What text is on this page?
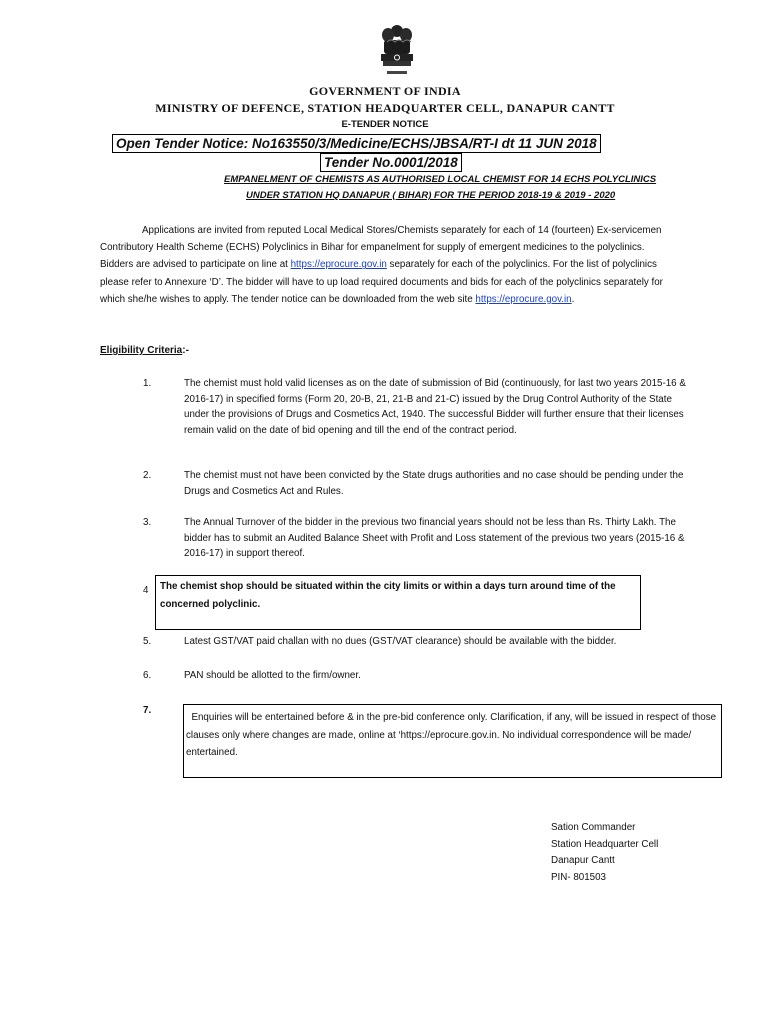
GOVERNMENT OF INDIA
MINISTRY OF DEFENCE, STATION HEADQUARTER CELL, DANAPUR CANTT
E-TENDER NOTICE
Open Tender Notice: No163550/3/Medicine/ECHS/JBSA/RT-I dt 11 JUN 2018
Tender No.0001/2018
EMPANELMENT OF CHEMISTS AS AUTHORISED LOCAL CHEMIST FOR 14 ECHS POLYCLINICS
UNDER STATION HQ DANAPUR ( BIHAR) FOR THE PERIOD 2018-19 & 2019 - 2020

Applications are invited from reputed Local Medical Stores/Chemists separately for each of 14 (fourteen) Ex-servicemen Contributory Health Scheme (ECHS) Polyclinics in Bihar for empanelment for supply of emergent medicines to the polyclinics. Bidders are advised to participate on line at https://eprocure.gov.in separately for each of the polyclinics. For the list of polyclinics please refer to Annexure ‘D’. The bidder will have to up load required documents and bids for each of the polyclinics separately for which she/he wishes to apply. The tender notice can be downloaded from the web site https://eprocure.gov.in.

Eligibility Criteria:-
1.	The chemist must hold valid licenses as on the date of submission of Bid (continuously, for last two years 2015-16 & 2016-17) in specified forms (Form 20, 20-B, 21, 21-B and 21-C) issued by the Drug Control Authority of the State under the provisions of Drugs and Cosmetics Act, 1940. The successful Bidder will further ensure that their licenses remain valid on the date of bid opening and till the end of the contract period.

2.	The chemist must not have been convicted by the State drugs authorities and no case should be pending under the Drugs and Cosmetics Act and Rules.

3.	The Annual Turnover of the bidder in the previous two financial years should not be less than Rs. Thirty Lakh. The bidder has to submit an Audited Balance Sheet with Profit and Loss statement of the previous two years (2015-16 & 2016-17) in support thereof.

4	The chemist shop should be situated within the city limits or within a days turn around time of the concerned polyclinic.

5.	Latest GST/VAT paid challan with no dues (GST/VAT clearance) should be available with the bidder.

6.	PAN should be allotted to the firm/owner.

7.

Enquiries will be entertained before & in the pre-bid conference only. Clarification, if any, will be issued in respect of those clauses only where changes are made, online at ‘https://eprocure.gov.in. No individual correspondence will be made/ entertained.

Sation Commander
Station Headquarter Cell
Danapur Cantt
PIN- 801503
